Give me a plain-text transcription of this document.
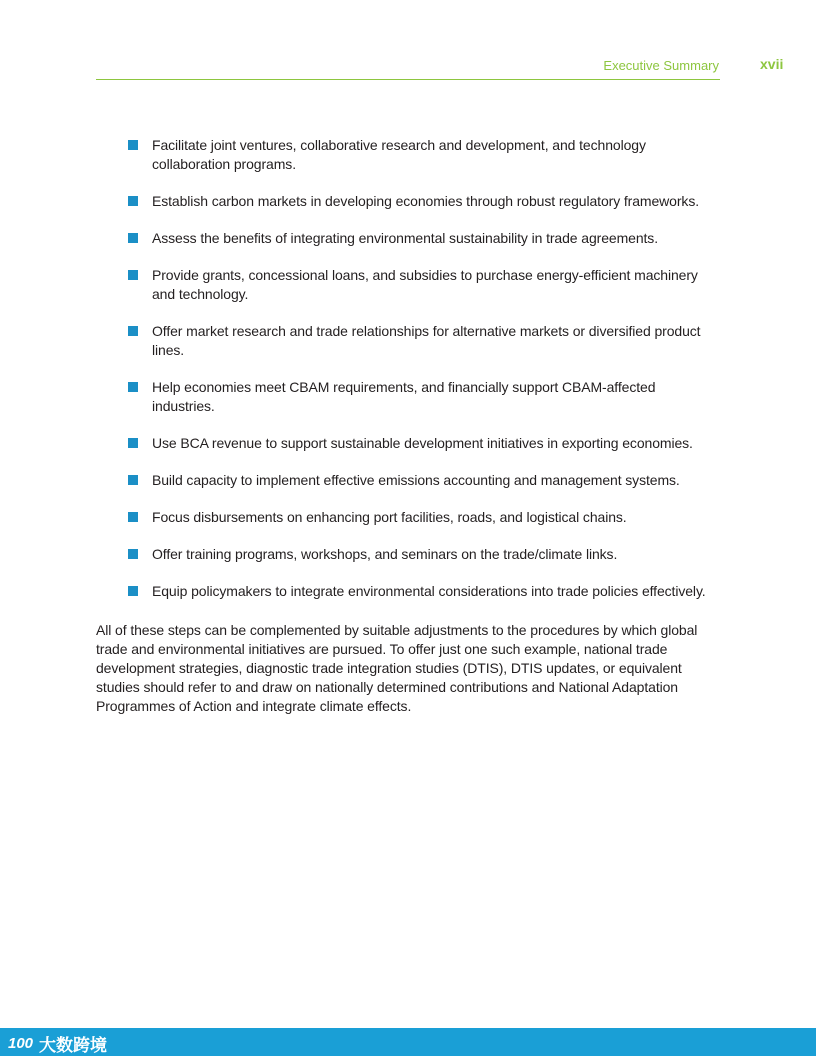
Executive Summary	xvii
Facilitate joint ventures, collaborative research and development, and technology collaboration programs.
Establish carbon markets in developing economies through robust regulatory frameworks.
Assess the benefits of integrating environmental sustainability in trade agreements.
Provide grants, concessional loans, and subsidies to purchase energy-efficient machinery and technology.
Offer market research and trade relationships for alternative markets or diversified product lines.
Help economies meet CBAM requirements, and financially support CBAM-affected industries.
Use BCA revenue to support sustainable development initiatives in exporting economies.
Build capacity to implement effective emissions accounting and management systems.
Focus disbursements on enhancing port facilities, roads, and logistical chains.
Offer training programs, workshops, and seminars on the trade/climate links.
Equip policymakers to integrate environmental considerations into trade policies effectively.

All of these steps can be complemented by suitable adjustments to the procedures by which global trade and environmental initiatives are pursued. To offer just one such example, national trade development strategies, diagnostic trade integration studies (DTIS), DTIS updates, or equivalent studies should refer to and draw on nationally determined contributions and National Adaptation Programmes of Action and integrate climate effects.

100 大数跨境
